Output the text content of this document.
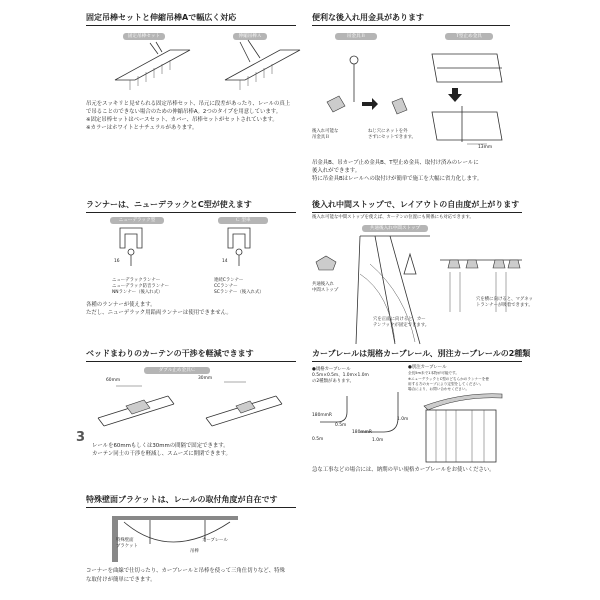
固定吊棒セットと伸縮吊棒Aで幅広く対応
固定吊棒セット	伸縮吊棒Ａ
吊元をスッキリと見せられる固定吊棒セット、吊元に段差があったり、レールの真上
で吊ることのできない場合のための伸縮吊棒A。2つのタイプを用意しています。
※固定吊棒セットはベースセット、カバー、吊棒セットがセットされています。
※カラーはホワイトとナチュラルがあります。
便利な後入れ用金具があります
吊金具Ｂ	T型止め金具
13mm
後入れ可能な
吊金具Ｂ
ねじ穴にネットを外
さずにセットできます。
吊金具B、吊カーブ止め金具B、T型止め金具、取付け済みのレールに
後入れができます。
特に吊金具Bはレールへの取付けが簡単で施工を大幅に省力化します。
ランナーは、ニューデラックとC型が使えます
ニューデラック型	Ｃ 型車
16	14
ニューデラックランナー
ニューデラック防音ランナー
NNランナー（後入れ式）
連続Cランナー
CCランナー
SCランナー（後入れ式）
各種のランナーが使えます。
ただし、ニューデラック用鉛両ランナーは使用できません。
後入れ中間ストップで、レイアウトの自由度が上がります
後入れ可能な中間ストップを使えば、カーテンの位置にも関係にも対応できます。
共通後入れ中間ストップ
共通後入れ
中間ストップ
穴を正面に向けると、カー
テンフックが固定できます。
穴を横に向けると、マグネッ
トランナーが吸着できます。
ベッドまわりのカーテンの干渉を軽減できます
ダブル止め金具Ｃ
60mm	30mm
3
レールを60mmもしくは30mmの間隔で固定できます。
カーテン同士の干渉を軽減し、スムーズに開閉できます。
カーブレールは規格カーブレール、別注カーブレールの2種類
●規格カーブレール
0.5m×0.5m、1.0m×1.0m
の2種類があります。
●別注カーブレール
全長5m未で1本物が可能です。
※ニューデラックとC型のどちらかのランナーを使
用する方のカーブにより定型をしてください。
場合により、お問い合わせください。
180mmR
180mmR
0.5m
0.5m
1.0m
1.0m
急な工事などの場合には、納期の早い規格カーブレールをお使いください。
特殊壁面ブラケットは、レールの取付角度が自在です
特殊壁面
ブラケット
吊棒
カーブレール
コーナーを曲線で仕切ったり、カーブレールと吊棒を使って三角仕切りなど、特殊
な取付けが簡単にできます。
